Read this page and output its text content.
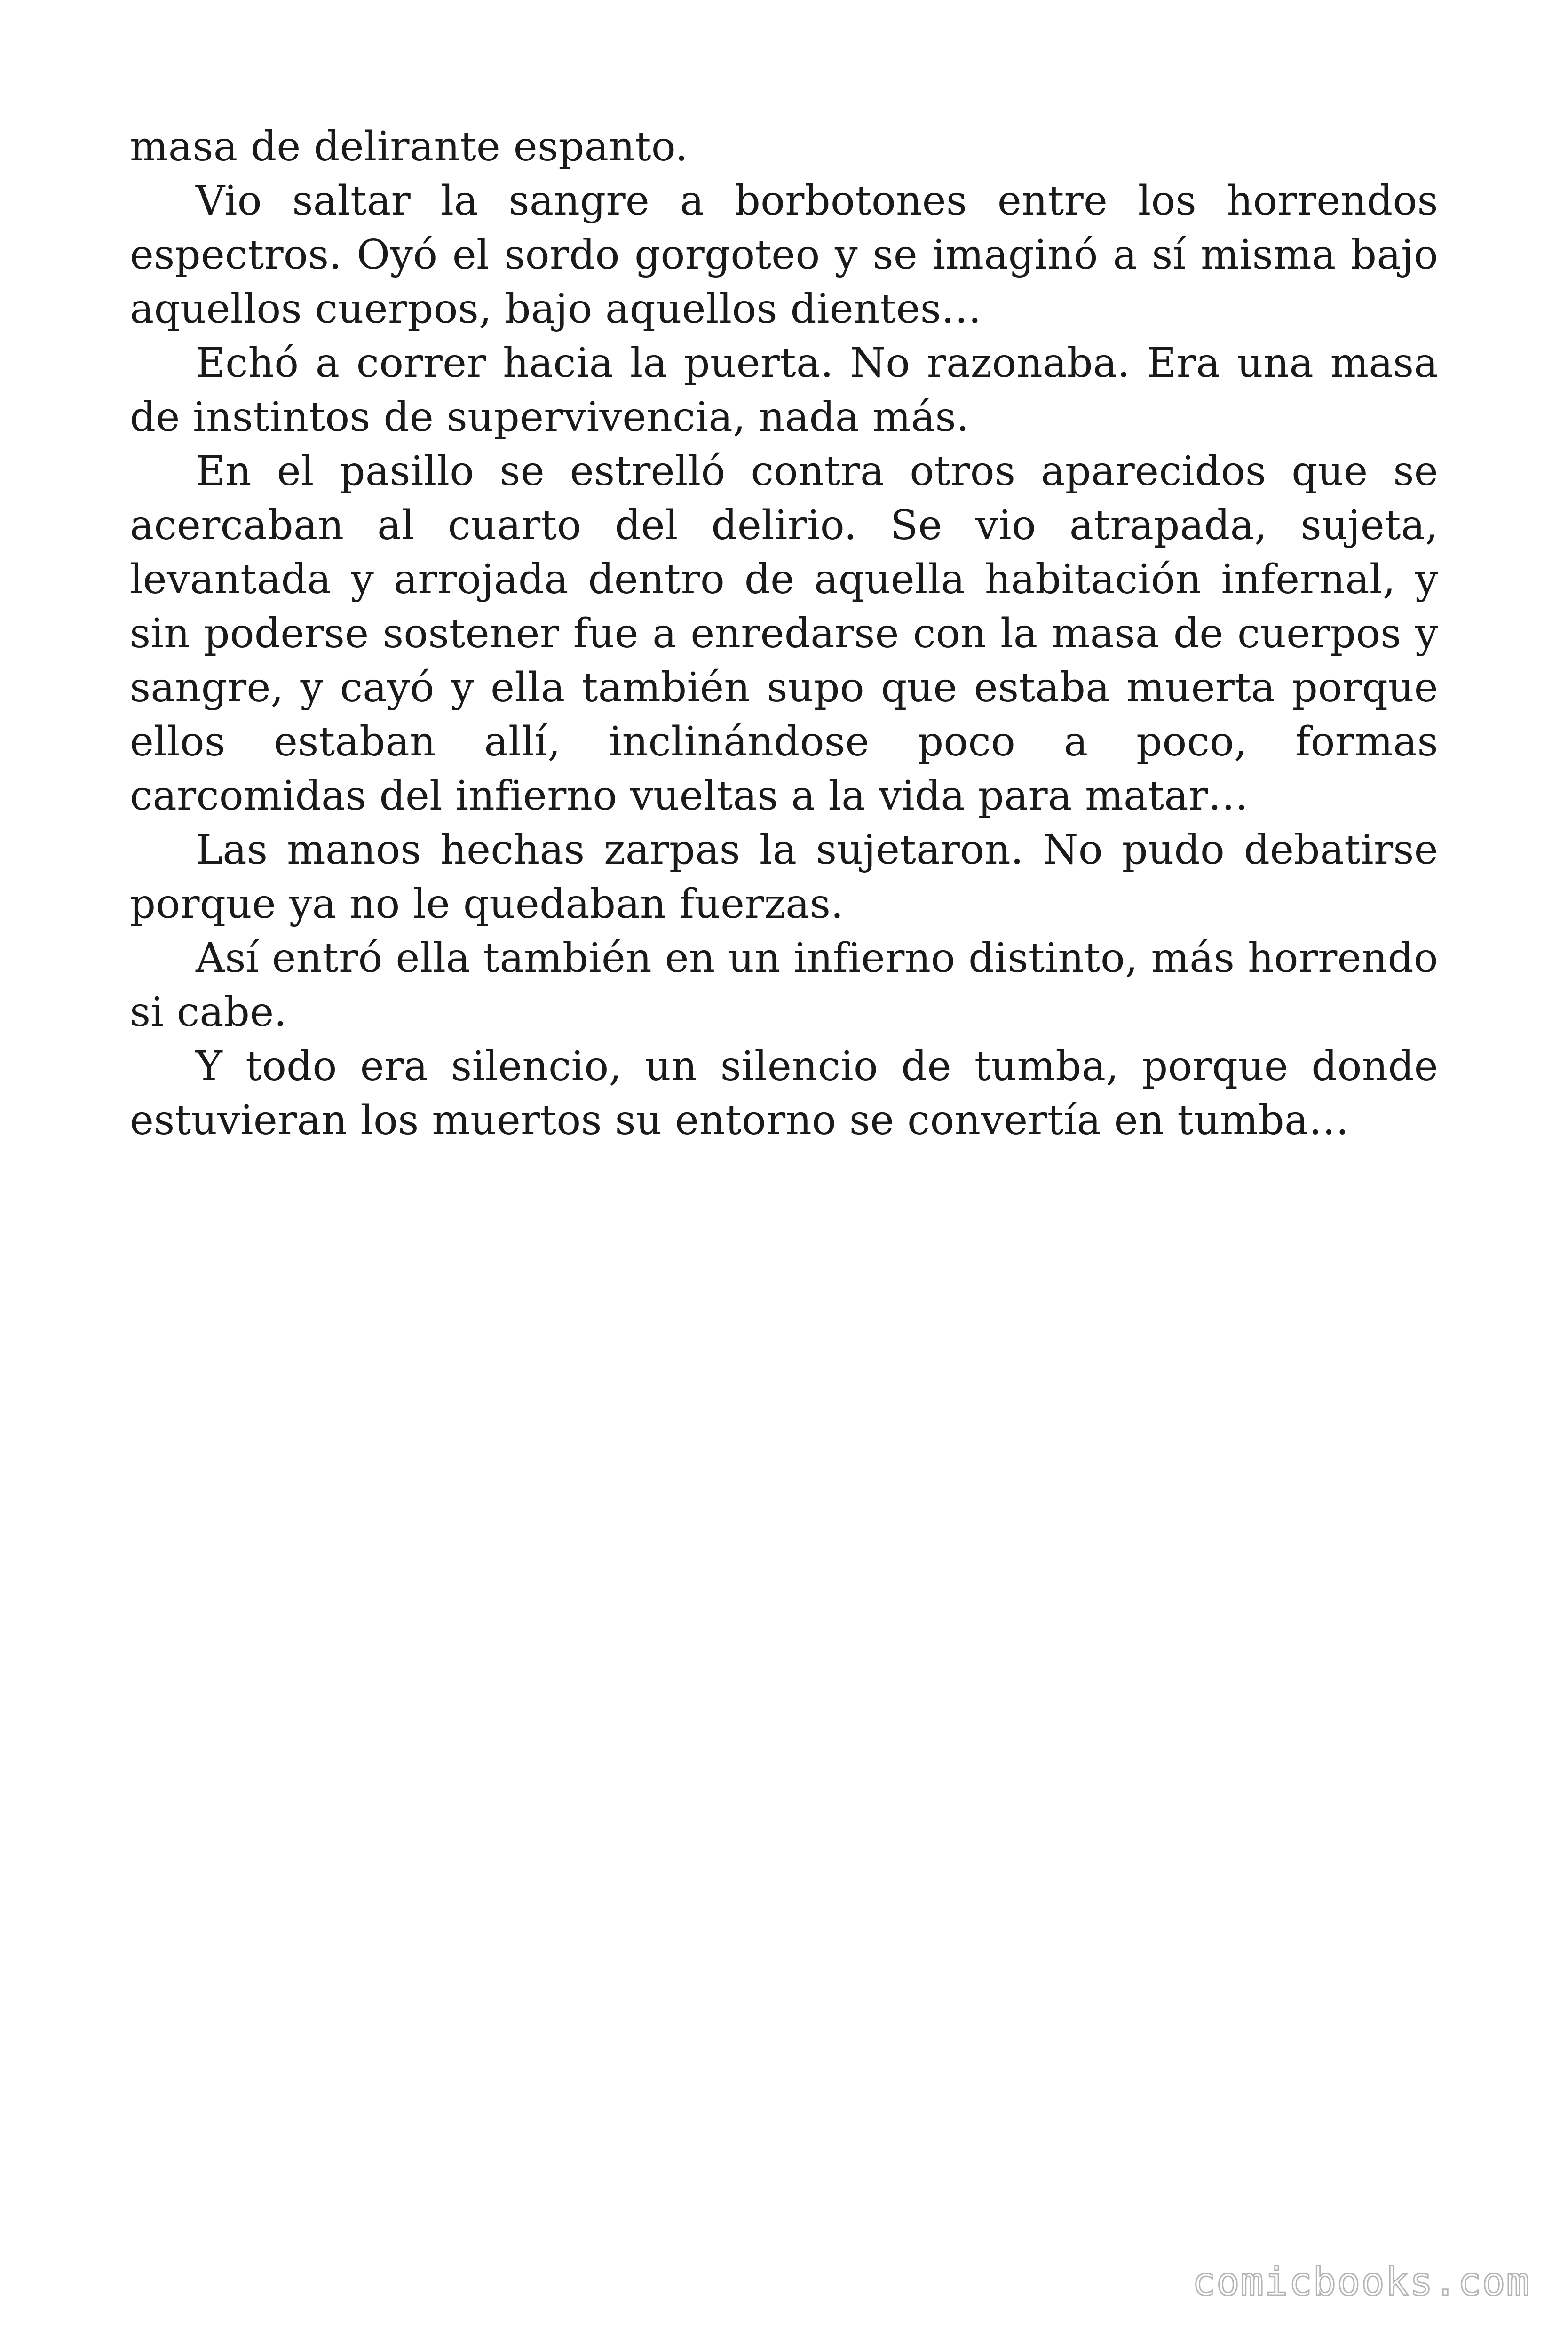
masa de delirante espanto.

Vio saltar la sangre a borbotones entre los horrendos espectros. Oyó el sordo gorgoteo y se imaginó a sí misma bajo aquellos cuerpos, bajo aquellos dientes…

Echó a correr hacia la puerta. No razonaba. Era una masa de instintos de supervivencia, nada más.

En el pasillo se estrelló contra otros aparecidos que se acercaban al cuarto del delirio. Se vio atrapada, sujeta, levantada y arrojada dentro de aquella habitación infernal, y sin poderse sostener fue a enredarse con la masa de cuerpos y sangre, y cayó y ella también supo que estaba muerta porque ellos estaban allí, inclinándose poco a poco, formas carcomidas del infierno vueltas a la vida para matar…

Las manos hechas zarpas la sujetaron. No pudo debatirse porque ya no le quedaban fuerzas.

Así entró ella también en un infierno distinto, más horrendo si cabe.

Y todo era silencio, un silencio de tumba, porque donde estuvieran los muertos su entorno se convertía en tumba…

comicbooks.com
